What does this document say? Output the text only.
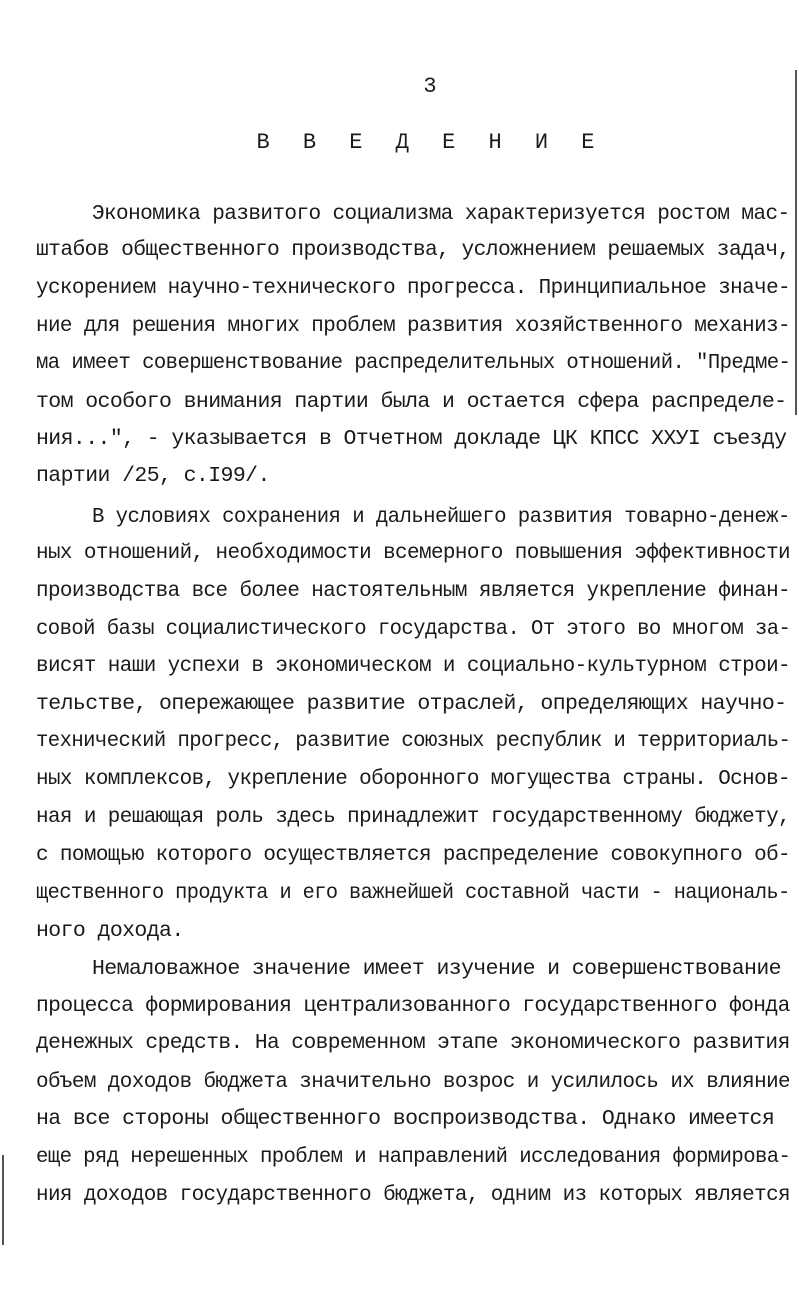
3
В В Е Д Е Н И Е
Экономика развитого социализма характеризуется ростом мас-
штабов общественного производства, усложнением решаемых задач,
ускорением научно-технического прогресса. Принципиальное значе-
ние для решения многих проблем развития хозяйственного механиз-
ма имеет совершенствование распределительных отношений. "Предме-
том особого внимания партии была и остается сфера распределе-
ния...", - указывается в Отчетном докладе ЦК КПСС XXУI съезду
партии /25, с.I99/.
В условиях сохранения и дальнейшего развития товарно-денеж-
ных отношений, необходимости всемерного повышения эффективности
производства все более настоятельным является укрепление финан-
совой базы социалистического государства. От этого во многом за-
висят наши успехи в экономическом и социально-культурном строи-
тельстве, опережающее развитие отраслей, определяющих научно-
технический прогресс, развитие союзных республик и территориаль-
ных комплексов, укрепление оборонного могущества страны. Основ-
ная и решающая роль здесь принадлежит государственному бюджету,
с помощью которого осуществляется распределение совокупного об-
щественного продукта и его важнейшей составной части - националь-
ного дохода.
Немаловажное значение имеет изучение и совершенствование
процесса формирования централизованного государственного фонда
денежных средств. На современном этапе экономического развития
объем доходов бюджета значительно возрос и усилилось их влияние
на все стороны общественного воспроизводства. Однако имеется
еще ряд нерешенных проблем и направлений исследования формирова-
ния доходов государственного бюджета, одним из которых является
